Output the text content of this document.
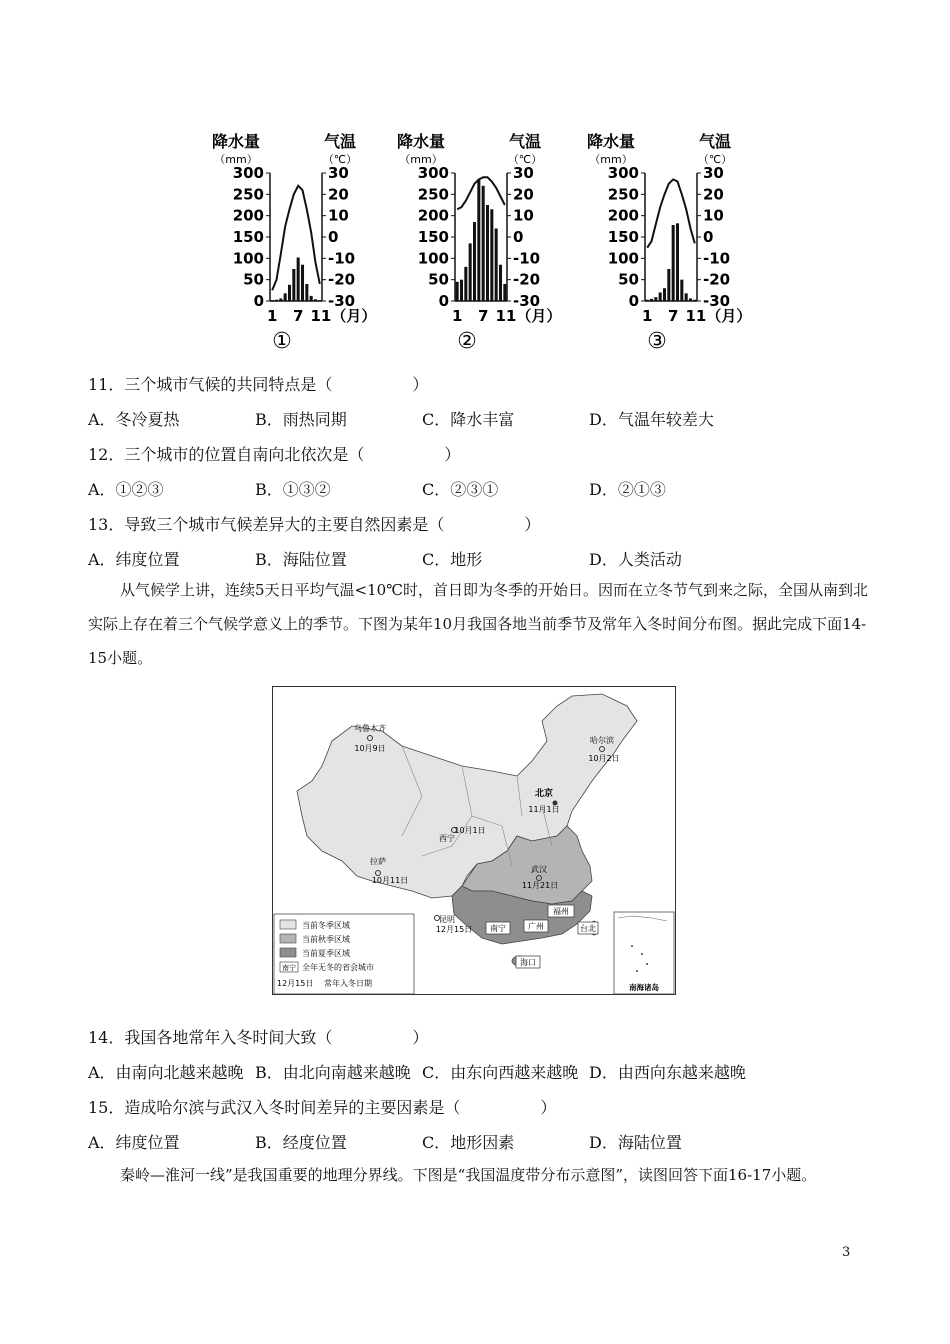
降水量
（mm）
气温
（℃）
300
250
200
150
100
50
0
30
20
10
0
-10
-20
-30
1 7 11（月）
①
降水量
（mm）
气温
（℃）
300
250
200
150
100
50
0
30
20
10
0
-10
-20
-30
1 7 11（月）
②
降水量
（mm）
气温
（℃）
300
250
200
150
100
50
0
30
20
10
0
-10
-20
-30
1 7 11（月）
③
11．三个城市气候的共同特点是（　　　　　）
A．冬冷夏热	B．雨热同期	C．降水丰富	D．气温年较差大
12．三个城市的位置自南向北依次是（　　　　　）
A．①②③	B．①③②	C．②③①	D．②①③
13．导致三个城市气候差异大的主要自然因素是（　　　　　）
A．纬度位置	B．海陆位置	C．地形	D．人类活动
从气候学上讲，连续5天日平均气温<10℃时，首日即为冬季的开始日。因而在立冬节气到来之际，全国从南到北实际上存在着三个气候学意义上的季节。下图为某年10月我国各地当前季节及常年入冬时间分布图。据此完成下面14-15小题。
乌鲁木齐
10月9日
哈尔滨
10月2日
北京
11月1日
10月1日
西宁
拉萨
10月11日
武汉
11月21日
昆明
12月15日
福州
南宁	广州	台北
海口
当前冬季区域
当前秋季区域
当前夏季区域
南宁 全年无冬的省会城市
12月15日 常年入冬日期	南海诸岛
14．我国各地常年入冬时间大致（　　　　　）
A．由南向北越来越晚 B．由北向南越来越晚 C．由东向西越来越晚 D．由西向东越来越晚
15．造成哈尔滨与武汉入冬时间差异的主要因素是（　　　　　）
A．纬度位置	B．经度位置	C．地形因素	D．海陆位置
秦岭—淮河一线”是我国重要的地理分界线。下图是“我国温度带分布示意图”，读图回答下面16-17小题。
3
